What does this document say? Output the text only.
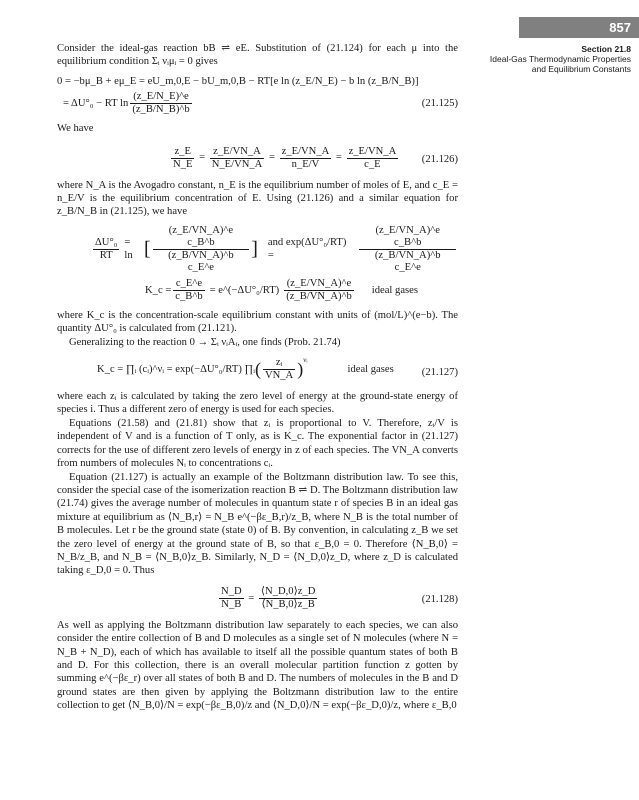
857
Section 21.8
Ideal-Gas Thermodynamic Properties
and Equilibrium Constants

Consider the ideal-gas reaction bB ⇌ eE. Substitution of (21.124) for each μ into the equilibrium condition Σᵢ νᵢμᵢ = 0 gives

0 = −bμ_B + eμ_E = eU_m,0,E − bU_m,0,B − RT[e ln (z_E/N_E) − b ln (z_B/N_B)]
= ΔU°₀ − RT $\ln \frac{(z\_E/N\_E)\^{}e}{(z\_B/N\_B)\^{}b}$	(21.125)

We have

$\frac{z\_E}{N\_E} = \frac{z\_E/VN\_A}{N\_E/VN\_A} = \frac{z\_E/VN\_A}{n\_E/V} = \frac{z\_E/VN\_A}{c\_E} (21.126)$

where N_A is the Avogadro constant, n_E is the equilibrium number of moles of E, and c_E = n_E/V is the equilibrium concentration of E. Using (21.126) and a similar equation for z_B/N_B in (21.125), we have

$\frac{\text{ΔU°₀}}{RT} = \ln$ [ $\frac{\text{(z\_E/VN\_A)\textasciicircum{}e c\_B\textasciicircum{}b}}{\text{(z\_B/VN\_A)\textasciicircum{}b c\_E\textasciicircum{}e}}$ ] and exp(ΔU°₀/RT) =	$\frac{\text{(z\_E/VN\_A)\textasciicircum{}e c\_B\textasciicircum{}b}}{\text{(z\_B/VN\_A)\textasciicircum{}b c\_E\textasciicircum{}e}}$
K_c = $\frac{c\_E\^{}e}{c\_B\^{}b}$ = e^(−ΔU°₀/RT) $\frac{(z\_E/VN\_A)\^{}e}{(z\_B/VN\_A)\^{}b}$ ideal gases

where K_c is the concentration-scale equilibrium constant with units of (mol/L)^(e−b). The quantity ΔU°₀ is calculated from (21.121).

Generalizing to the reaction 0 → Σᵢ νᵢAᵢ, one finds (Prob. 21.74)

K_c = ∏ᵢ (cᵢ)^νᵢ = exp(−ΔU°₀/RT) ∏ᵢ ( $\frac{\text{zᵢ}}{VN\_A} )^{\nu ᵢ}$
ideal gases	(21.127)

where each zᵢ is calculated by taking the zero level of energy at the ground-state energy of species i. Thus a different zero of energy is used for each species.

Equations (21.58) and (21.81) show that zᵢ is proportional to V. Therefore, zᵢ/V is independent of V and is a function of T only, as is K_c. The exponential factor in (21.127) corrects for the use of different zero levels of energy in z of each species. The VN_A converts from numbers of molecules Nᵢ to concentrations cᵢ.

Equation (21.127) is actually an example of the Boltzmann distribution law. To see this, consider the special case of the isomerization reaction B ⇌ D. The Boltzmann distribution law (21.74) gives the average number of molecules in quantum state r of species B in an ideal gas mixture at equilibrium as ⟨N_B,r⟩ = N_B e^(−βε_B,r)/z_B, where N_B is the total number of B molecules. Let r be the ground state (state 0) of B. By convention, in calculating z_B we set the zero level of energy at the ground state of B, so that ε_B,0 = 0. Therefore ⟨N_B,0⟩ = N_B/z_B, and N_B = ⟨N_B,0⟩z_B. Similarly, N_D = ⟨N_D,0⟩z_D, where z_D is calculated taking ε_D,0 = 0. Thus

$\frac{N\_D}{N\_B} = \frac{⟨N\_D,0⟩z\_D}{⟨N\_B,0⟩z\_B}$	(21.128)

As well as applying the Boltzmann distribution law separately to each species, we can also consider the entire collection of B and D molecules as a single set of N molecules (where N = N_B + N_D), each of which has available to itself all the possible quantum states of both B and D. For this collection, there is an overall molecular partition function z gotten by summing e^(−βε_r) over all states of both B and D. The numbers of molecules in the B and D ground states are then given by applying the Boltzmann distribution law to the entire collection to get ⟨N_B,0⟩/N = exp(−βε_B,0)/z and ⟨N_D,0⟩/N = exp(−βε_D,0)/z, where ε_B,0
